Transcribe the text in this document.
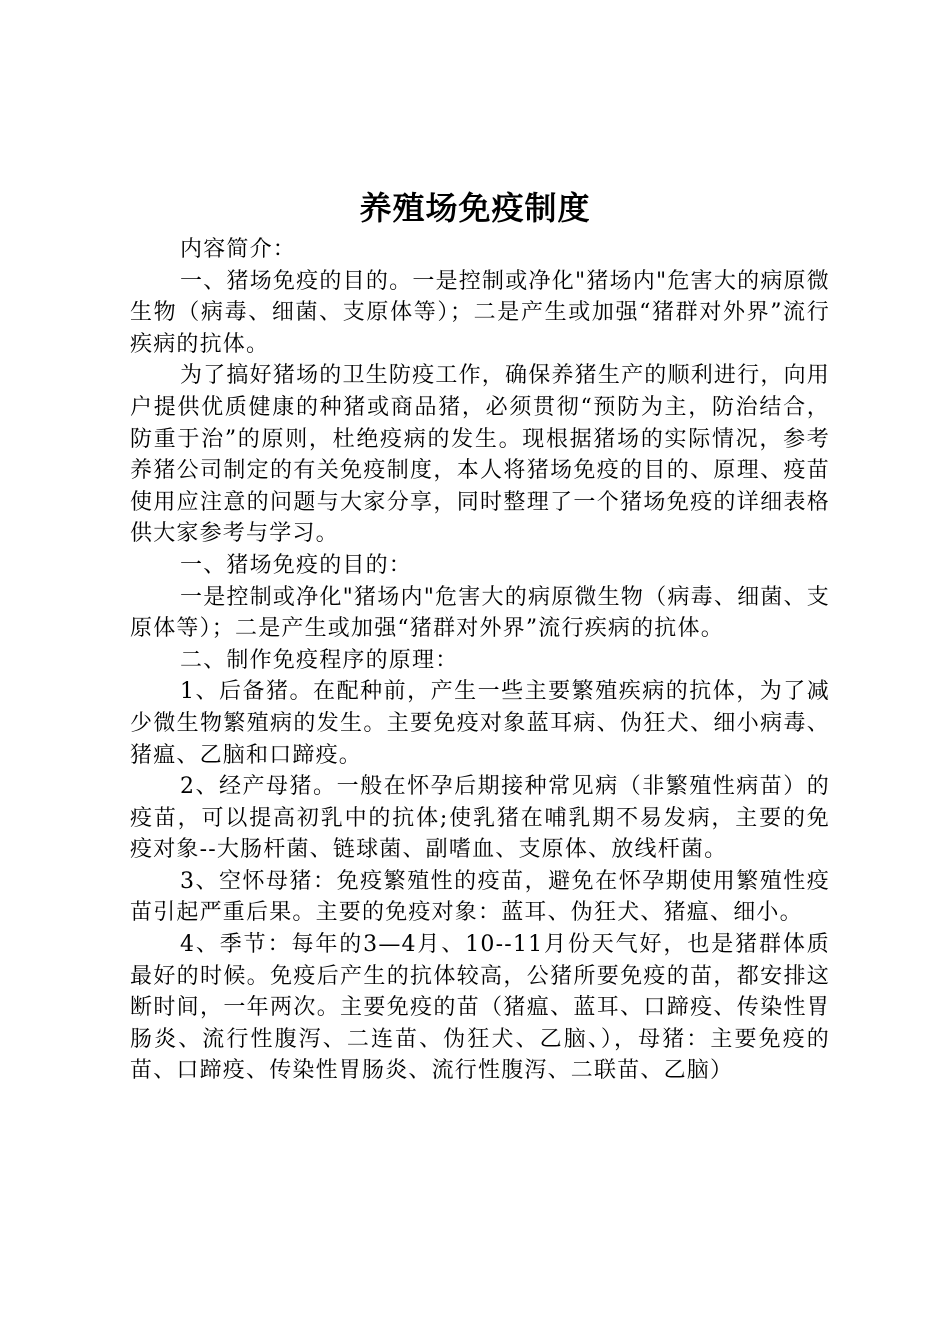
养殖场免疫制度

内容简介：

一、猪场免疫的目的。一是控制或净化"猪场内"危害大的病原微生物（病毒、细菌、支原体等）；二是产生或加强“猪群对外界”流行疾病的抗体。

为了搞好猪场的卫生防疫工作，确保养猪生产的顺利进行，向用户提供优质健康的种猪或商品猪，必须贯彻“预防为主，防治结合，防重于治”的原则，杜绝疫病的发生。现根据猪场的实际情况，参考养猪公司制定的有关免疫制度，本人将猪场免疫的目的、原理、疫苗使用应注意的问题与大家分享，同时整理了一个猪场免疫的详细表格供大家参考与学习。

一、猪场免疫的目的：

一是控制或净化"猪场内"危害大的病原微生物（病毒、细菌、支原体等）；二是产生或加强“猪群对外界”流行疾病的抗体。

二、制作免疫程序的原理：

1、后备猪。在配种前，产生一些主要繁殖疾病的抗体，为了减少微生物繁殖病的发生。主要免疫对象蓝耳病、伪狂犬、细小病毒、猪瘟、乙脑和口蹄疫。

2、经产母猪。一般在怀孕后期接种常见病（非繁殖性病苗）的疫苗，可以提高初乳中的抗体;使乳猪在哺乳期不易发病，主要的免疫对象--大肠杆菌、链球菌、副嗜血、支原体、放线杆菌。

3、空怀母猪：免疫繁殖性的疫苗，避免在怀孕期使用繁殖性疫苗引起严重后果。主要的免疫对象：蓝耳、伪狂犬、猪瘟、细小。

4、季节：每年的3—4月、10--11月份天气好，也是猪群体质最好的时候。免疫后产生的抗体较高，公猪所要免疫的苗，都安排这断时间，一年两次。主要免疫的苗（猪瘟、蓝耳、口蹄疫、传染性胃肠炎、流行性腹泻、二连苗、伪狂犬、乙脑、），母猪：主要免疫的苗、口蹄疫、传染性胃肠炎、流行性腹泻、二联苗、乙脑）
